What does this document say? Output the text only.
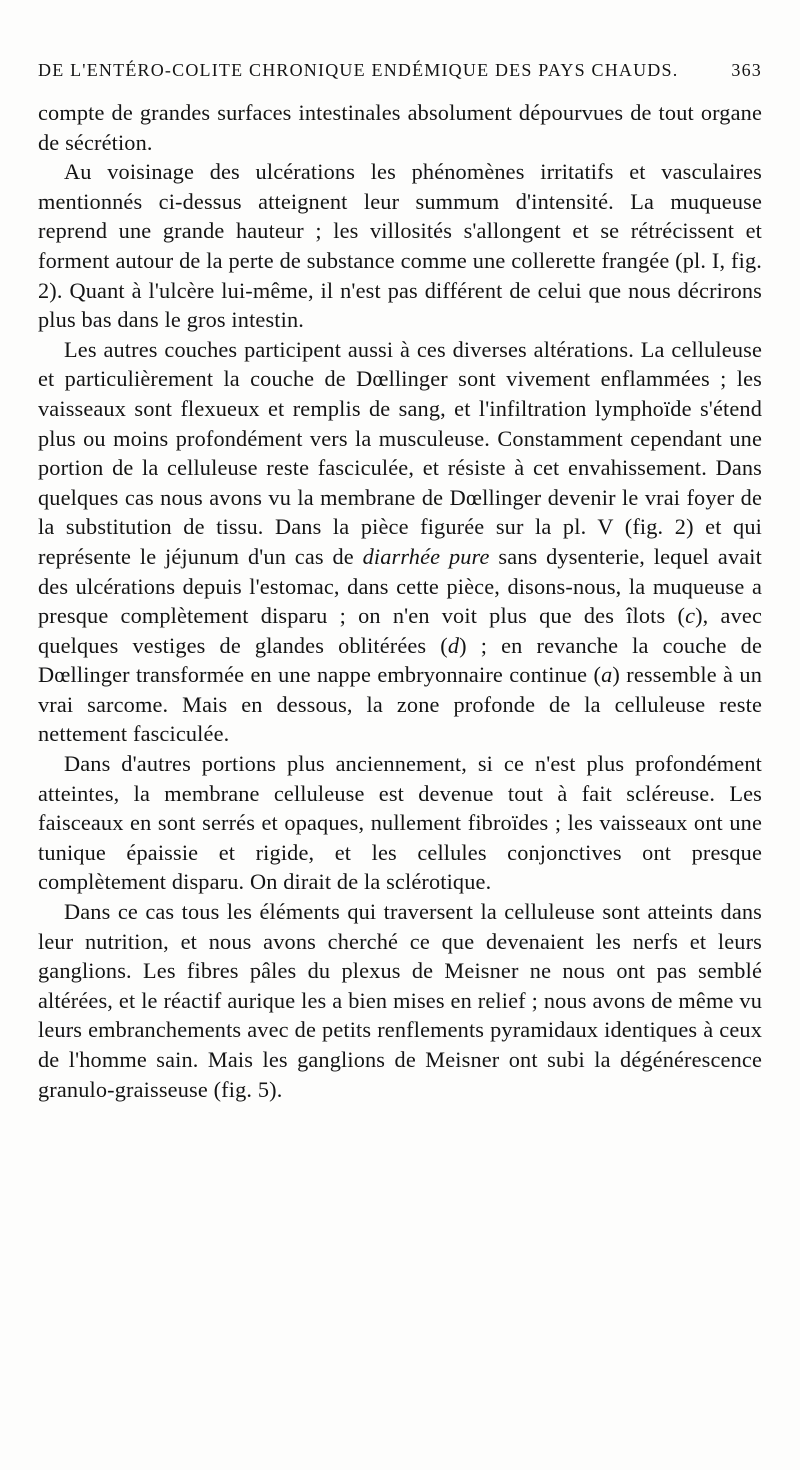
DE L'ENTÉRO-COLITE CHRONIQUE ENDÉMIQUE DES PAYS CHAUDS.	363

compte de grandes surfaces intestinales absolument dépourvues de tout organe de sécrétion.

Au voisinage des ulcérations les phénomènes irritatifs et vasculaires mentionnés ci-dessus atteignent leur summum d'intensité. La muqueuse reprend une grande hauteur ; les villosités s'allongent et se rétrécissent et forment autour de la perte de substance comme une collerette frangée (pl. I, fig. 2). Quant à l'ulcère lui-même, il n'est pas différent de celui que nous décrirons plus bas dans le gros intestin.

Les autres couches participent aussi à ces diverses altérations. La celluleuse et particulièrement la couche de Dœllinger sont vivement enflammées ; les vaisseaux sont flexueux et remplis de sang, et l'infiltration lymphoïde s'étend plus ou moins profondément vers la musculeuse. Constamment cependant une portion de la celluleuse reste fasciculée, et résiste à cet envahissement. Dans quelques cas nous avons vu la membrane de Dœllinger devenir le vrai foyer de la substitution de tissu. Dans la pièce figurée sur la pl. V (fig. 2) et qui représente le jéjunum d'un cas de diarrhée pure sans dysenterie, lequel avait des ulcérations depuis l'estomac, dans cette pièce, disons-nous, la muqueuse a presque complètement disparu ; on n'en voit plus que des îlots (c), avec quelques vestiges de glandes oblitérées (d) ; en revanche la couche de Dœllinger transformée en une nappe embryonnaire continue (a) ressemble à un vrai sarcome. Mais en dessous, la zone profonde de la celluleuse reste nettement fasciculée.

Dans d'autres portions plus anciennement, si ce n'est plus profondément atteintes, la membrane celluleuse est devenue tout à fait scléreuse. Les faisceaux en sont serrés et opaques, nullement fibroïdes ; les vaisseaux ont une tunique épaissie et rigide, et les cellules conjonctives ont presque complètement disparu. On dirait de la sclérotique.

Dans ce cas tous les éléments qui traversent la celluleuse sont atteints dans leur nutrition, et nous avons cherché ce que devenaient les nerfs et leurs ganglions. Les fibres pâles du plexus de Meisner ne nous ont pas semblé altérées, et le réactif aurique les a bien mises en relief ; nous avons de même vu leurs embranchements avec de petits renflements pyramidaux identiques à ceux de l'homme sain. Mais les ganglions de Meisner ont subi la dégénérescence granulo-graisseuse (fig. 5).
